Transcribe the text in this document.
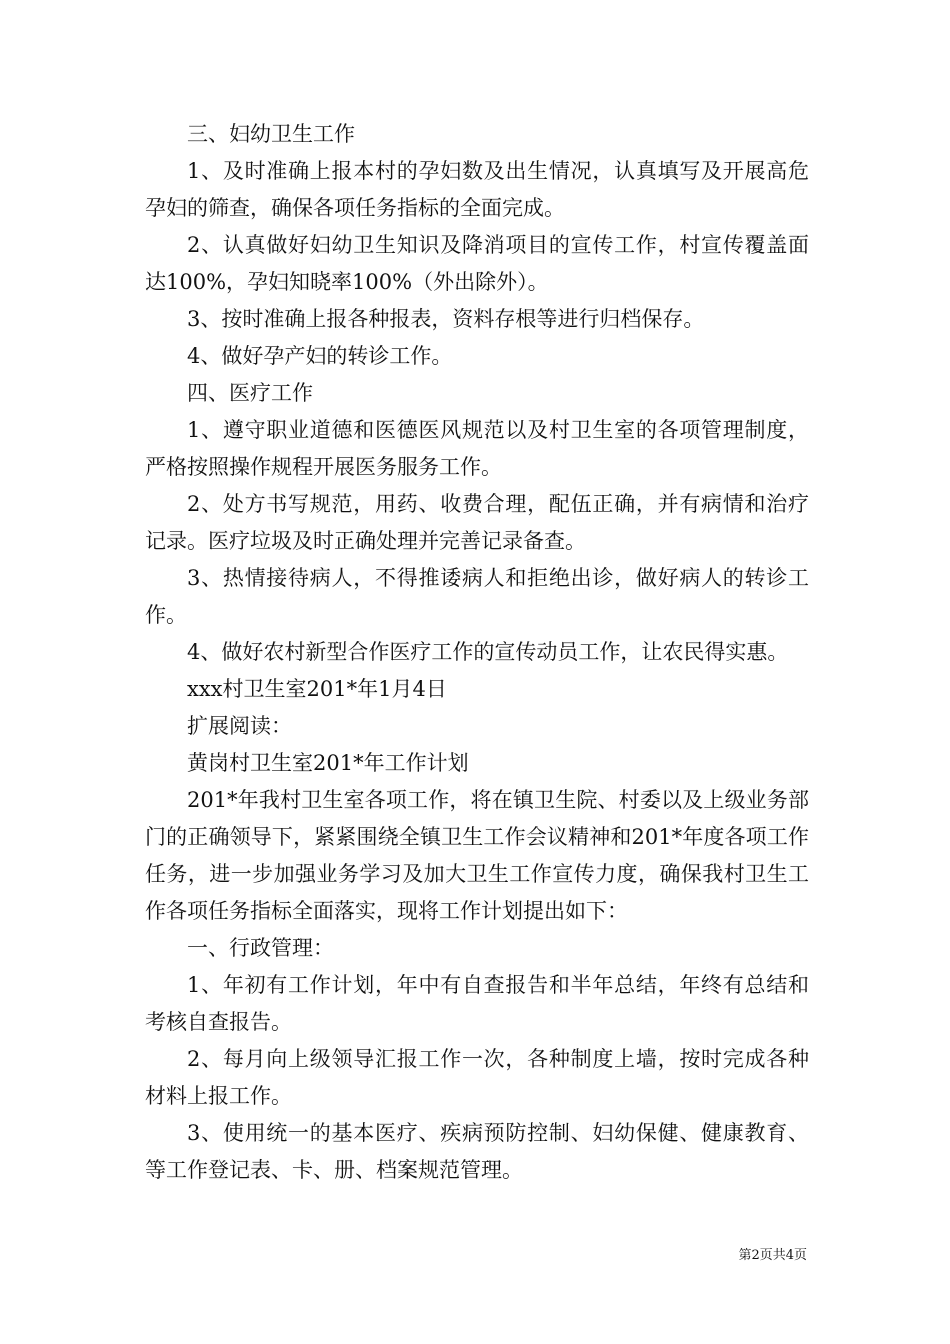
三、妇幼卫生工作

1、及时准确上报本村的孕妇数及出生情况，认真填写及开展高危孕妇的筛查，确保各项任务指标的全面完成。

2、认真做好妇幼卫生知识及降消项目的宣传工作，村宣传覆盖面达100%，孕妇知晓率100%（外出除外）。

3、按时准确上报各种报表，资料存根等进行归档保存。

4、做好孕产妇的转诊工作。

四、医疗工作

1、遵守职业道德和医德医风规范以及村卫生室的各项管理制度，严格按照操作规程开展医务服务工作。

2、处方书写规范，用药、收费合理，配伍正确，并有病情和治疗记录。医疗垃圾及时正确处理并完善记录备查。

3、热情接待病人，不得推诿病人和拒绝出诊，做好病人的转诊工作。

4、做好农村新型合作医疗工作的宣传动员工作，让农民得实惠。

xxx村卫生室201*年1月4日

扩展阅读：

黄岗村卫生室201*年工作计划

201*年我村卫生室各项工作，将在镇卫生院、村委以及上级业务部门的正确领导下，紧紧围绕全镇卫生工作会议精神和201*年度各项工作任务，进一步加强业务学习及加大卫生工作宣传力度，确保我村卫生工作各项任务指标全面落实，现将工作计划提出如下：

一、行政管理：

1、年初有工作计划，年中有自查报告和半年总结，年终有总结和考核自查报告。

2、每月向上级领导汇报工作一次，各种制度上墙，按时完成各种材料上报工作。

3、使用统一的基本医疗、疾病预防控制、妇幼保健、健康教育、等工作登记表、卡、册、档案规范管理。

第2页共4页
